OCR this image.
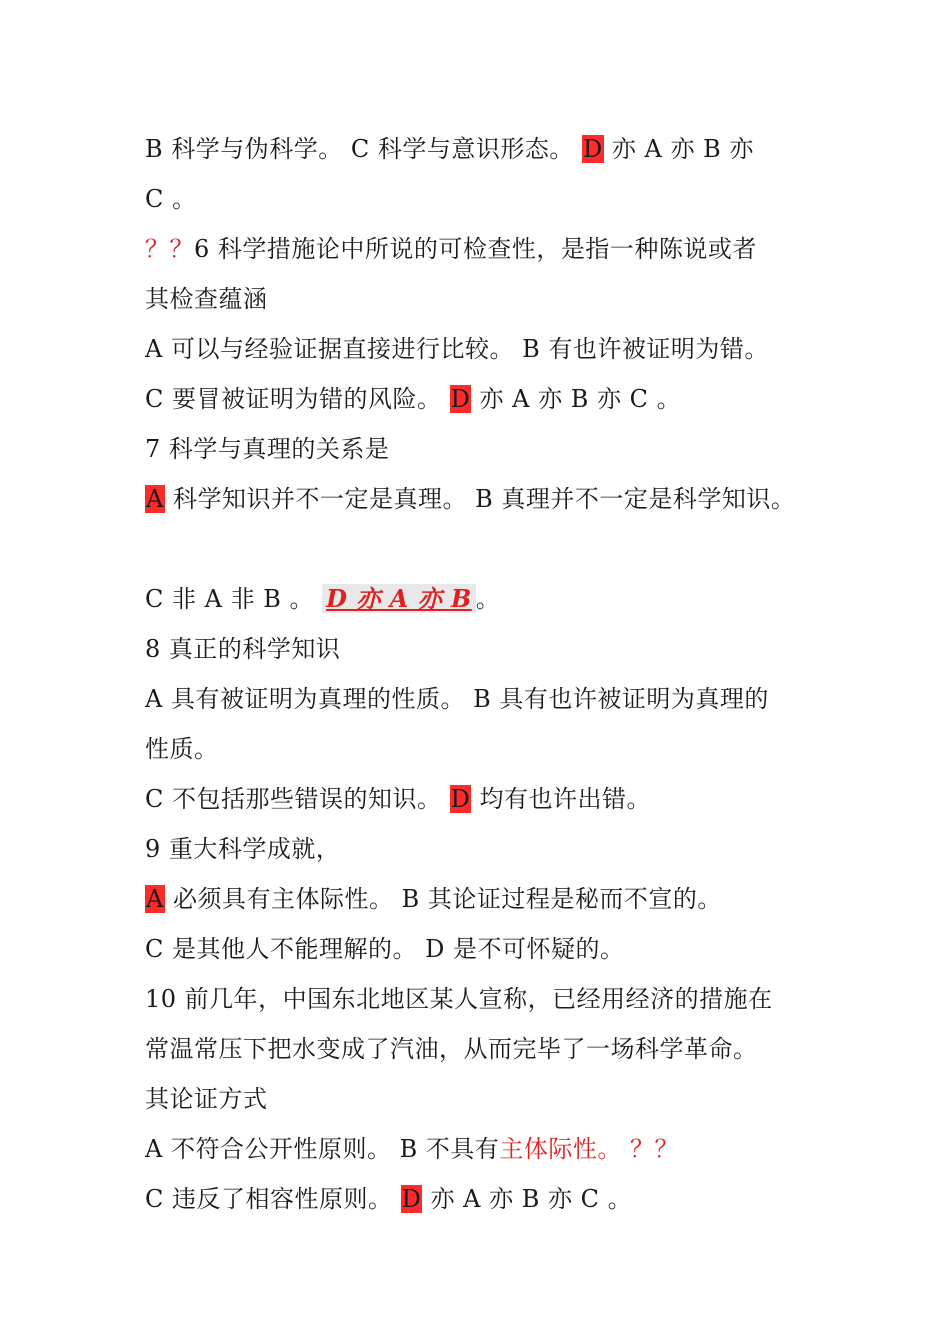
B 科学与伪科学。 C 科学与意识形态。 D 亦 A 亦 B 亦
C 。
？？6 科学措施论中所说的可检查性，是指一种陈说或者
其检查蕴涵
A 可以与经验证据直接进行比较。 B 有也许被证明为错。
C 要冒被证明为错的风险。 D 亦 A 亦 B 亦 C 。
7 科学与真理的关系是
A 科学知识并不一定是真理。 B 真理并不一定是科学知识。
C 非 A 非 B 。 D 亦 A 亦 B 。
8 真正的科学知识
A 具有被证明为真理的性质。 B 具有也许被证明为真理的
性质。
C 不包括那些错误的知识。 D 均有也许出错。
9 重大科学成就，
A 必须具有主体际性。 B 其论证过程是秘而不宣的。
C 是其他人不能理解的。 D 是不可怀疑的。
10 前几年，中国东北地区某人宣称，已经用经济的措施在
常温常压下把水变成了汽油，从而完毕了一场科学革命。
其论证方式
A 不符合公开性原则。 B 不具有主体际性。 ？？
C 违反了相容性原则。 D 亦 A 亦 B 亦 C 。
